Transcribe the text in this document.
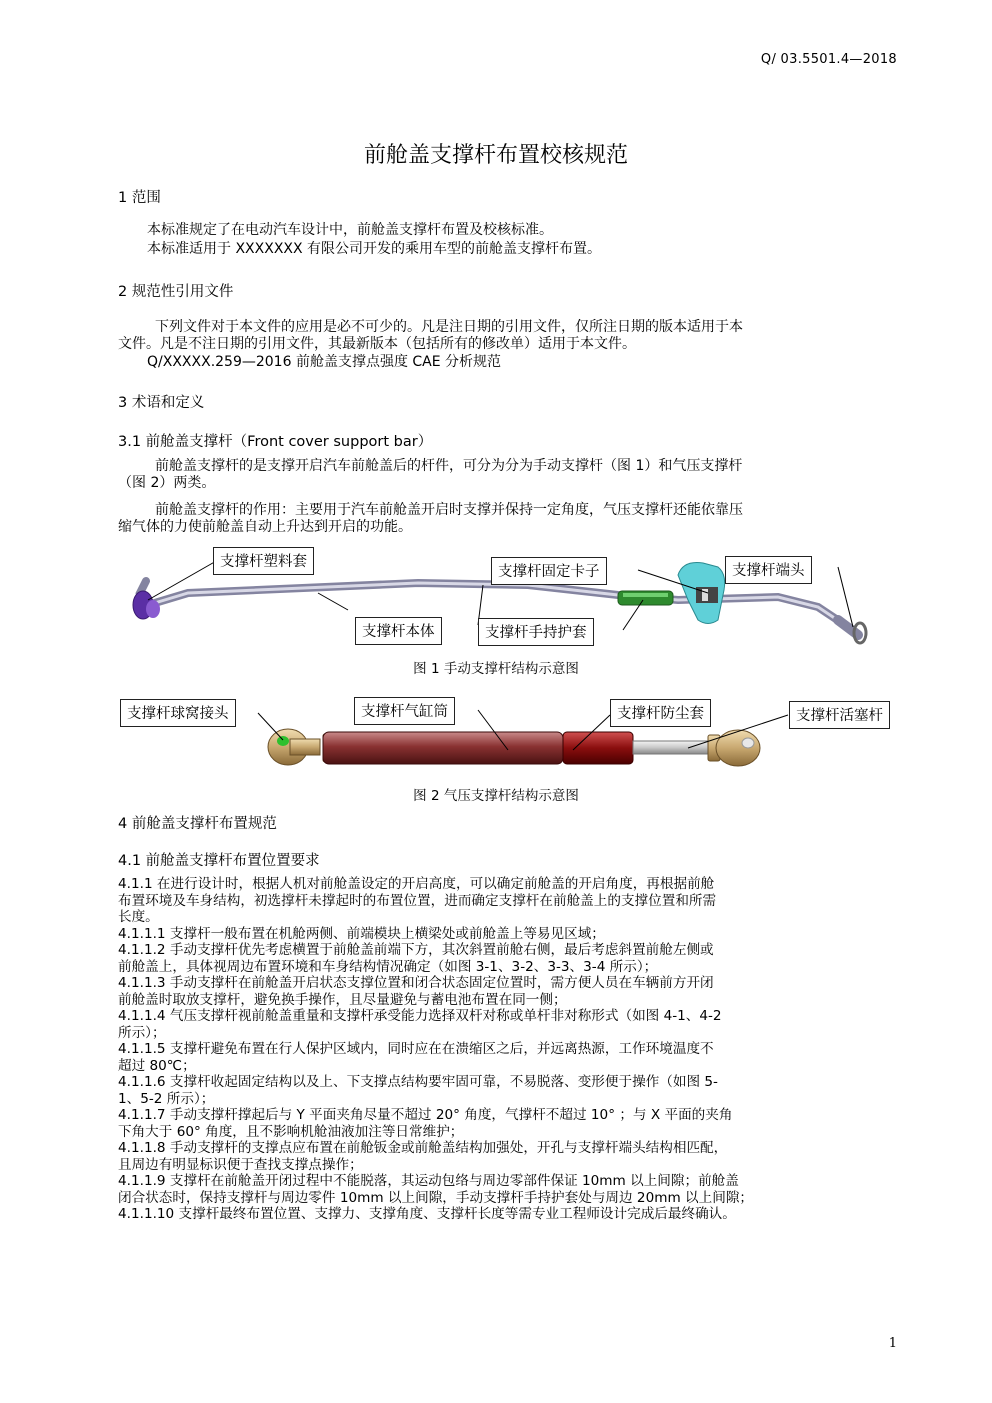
Q/ 03.5501.4—2018
前舱盖支撑杆布置校核规范
1 范围
本标准规定了在电动汽车设计中，前舱盖支撑杆布置及校核标准。
本标准适用于 XXXXXXX 有限公司开发的乘用车型的前舱盖支撑杆布置。
2 规范性引用文件
下列文件对于本文件的应用是必不可少的。凡是注日期的引用文件，仅所注日期的版本适用于本
文件。凡是不注日期的引用文件，其最新版本（包括所有的修改单）适用于本文件。
Q/XXXXX.259—2016 前舱盖支撑点强度 CAE 分析规范
3 术语和定义
3.1 前舱盖支撑杆（Front cover support bar）
前舱盖支撑杆的是支撑开启汽车前舱盖后的杆件，可分为分为手动支撑杆（图 1）和气压支撑杆
（图 2）两类。
前舱盖支撑杆的作用：主要用于汽车前舱盖开启时支撑并保持一定角度，气压支撑杆还能依靠压
缩气体的力使前舱盖自动上升达到开启的功能。
支撑杆塑料套
支撑杆固定卡子	支撑杆端头
支撑杆本体	支撑杆手持护套
图 1 手动支撑杆结构示意图
支撑杆球窝接头	支撑杆气缸筒	支撑杆防尘套	支撑杆活塞杆
图 2 气压支撑杆结构示意图
4 前舱盖支撑杆布置规范
4.1 前舱盖支撑杆布置位置要求
4.1.1 在进行设计时，根据人机对前舱盖设定的开启高度，可以确定前舱盖的开启角度，再根据前舱
布置环境及车身结构，初选撑杆未撑起时的布置位置，进而确定支撑杆在前舱盖上的支撑位置和所需
长度。
4.1.1.1 支撑杆一般布置在机舱两侧、前端模块上横梁处或前舱盖上等易见区域；
4.1.1.2 手动支撑杆优先考虑横置于前舱盖前端下方，其次斜置前舱右侧，最后考虑斜置前舱左侧或
前舱盖上，具体视周边布置环境和车身结构情况确定（如图 3-1、3-2、3-3、3-4 所示）；
4.1.1.3 手动支撑杆在前舱盖开启状态支撑位置和闭合状态固定位置时，需方便人员在车辆前方开闭
前舱盖时取放支撑杆，避免换手操作，且尽量避免与蓄电池布置在同一侧；
4.1.1.4 气压支撑杆视前舱盖重量和支撑杆承受能力选择双杆对称或单杆非对称形式（如图 4-1、4-2
所示）；
4.1.1.5 支撑杆避免布置在行人保护区域内，同时应在在溃缩区之后，并远离热源，工作环境温度不
超过 80℃；
4.1.1.6 支撑杆收起固定结构以及上、下支撑点结构要牢固可靠，不易脱落、变形便于操作（如图 5-
1、5-2 所示）；
4.1.1.7 手动支撑杆撑起后与 Y 平面夹角尽量不超过 20° 角度，气撑杆不超过 10° ；与 X 平面的夹角
下角大于 60° 角度，且不影响机舱油液加注等日常维护；
4.1.1.8 手动支撑杆的支撑点应布置在前舱钣金或前舱盖结构加强处，开孔与支撑杆端头结构相匹配，
且周边有明显标识便于查找支撑点操作；
4.1.1.9 支撑杆在前舱盖开闭过程中不能脱落，其运动包络与周边零部件保证 10mm 以上间隙；前舱盖
闭合状态时，保持支撑杆与周边零件 10mm 以上间隙，手动支撑杆手持护套处与周边 20mm 以上间隙；
4.1.1.10 支撑杆最终布置位置、支撑力、支撑角度、支撑杆长度等需专业工程师设计完成后最终确认。
1
